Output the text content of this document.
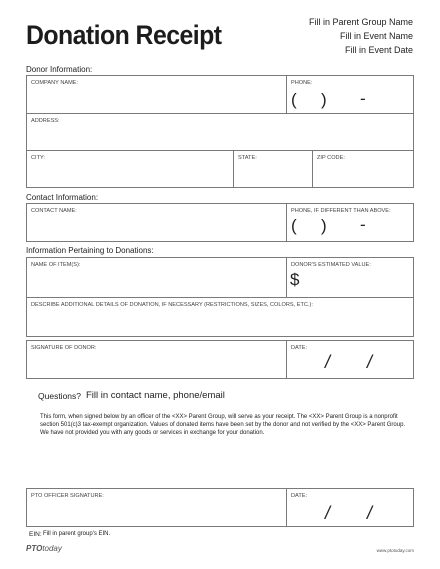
Donation Receipt	Fill in Parent Group Name
Fill in Event Name
Fill in Event Date
Donor Information:
COMPANY NAME:	PHONE:
( ) -
ADDRESS:
CITY:	STATE:	ZIP CODE:
Contact Information:
CONTACT NAME:	PHONE, IF DIFFERENT THAN ABOVE:
( ) -
Information Pertaining to Donations:
NAME OF ITEM(S):	DONOR'S ESTIMATED VALUE:
$
DESCRIBE ADDITIONAL DETAILS OF DONATION, IF NECESSARY (RESTRICTIONS, SIZES, COLORS, ETC.):
SIGNATURE OF DONOR:	DATE:
/ /
Questions? Fill in contact name, phone/email
This form, when signed below by an officer of the <XX> Parent Group, will serve as your receipt. The <XX> Parent Group is a nonprofit section 501(c)3 tax-exempt organization. Values of donated items have been set by the donor and not verified by the <XX> Parent Group. We have not provided you with any goods or services in exchange for your donation.
PTO OFFICER SIGNATURE:	DATE:
/ /
EIN: Fill in parent group's EIN.
PTOtoday	www.ptotoday.com
